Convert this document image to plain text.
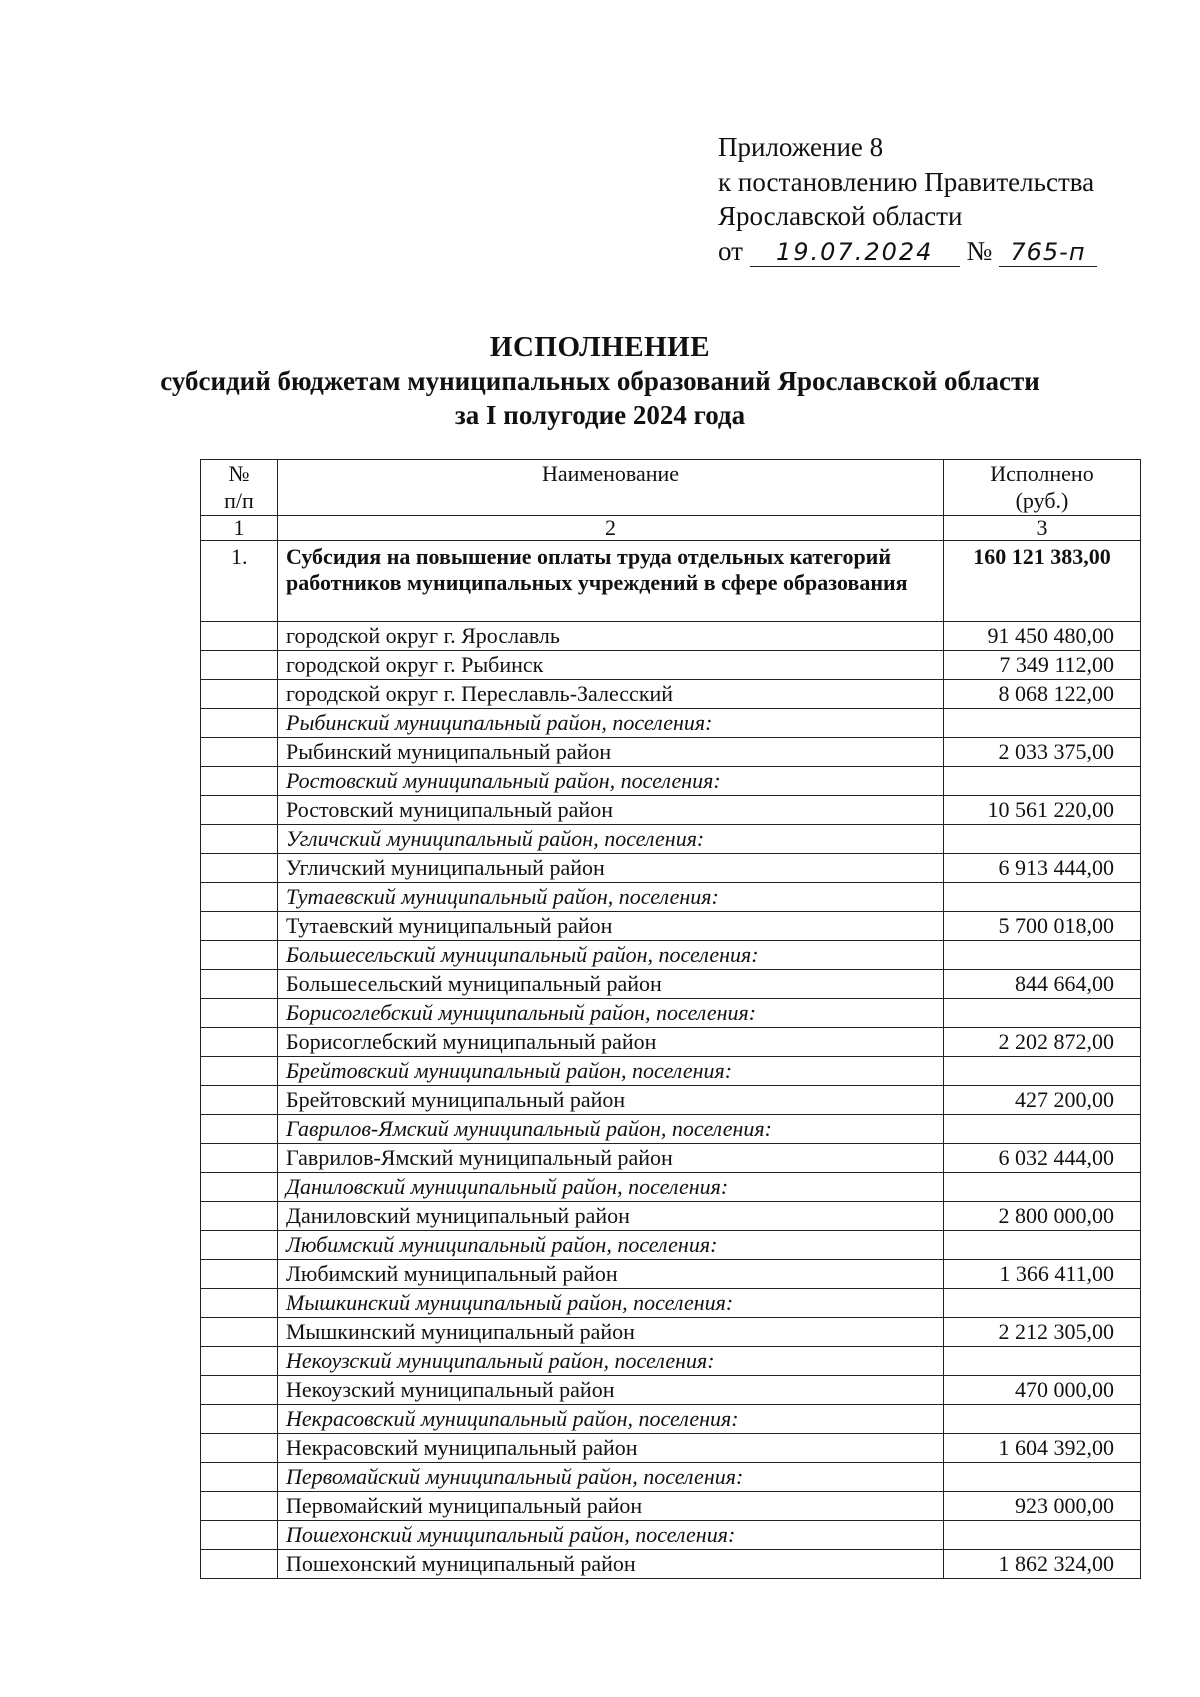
Приложение 8
к постановлению Правительства
Ярославской области
от 19.07.2024 № 765-п
ИСПОЛНЕНИЕ
субсидий бюджетам муниципальных образований Ярославской области
за I полугодие 2024 года
№ п/п	Наименование	Исполнено (руб.)

1	2	3
1.	Субсидия на повышение оплаты труда отдельных категорий работников муниципальных учреждений в сфере образования	160 121 383,00
	городской округ г. Ярославль	91 450 480,00
	городской округ г. Рыбинск	7 349 112,00
	городской округ г. Переславль-Залесский	8 068 122,00
	Рыбинский муниципальный район, поселения:	
	Рыбинский муниципальный район	2 033 375,00
	Ростовский муниципальный район, поселения:	
	Ростовский муниципальный район	10 561 220,00
	Угличский муниципальный район, поселения:	
	Угличский муниципальный район	6 913 444,00
	Тутаевский муниципальный район, поселения:	
	Тутаевский муниципальный район	5 700 018,00
	Большесельский муниципальный район, поселения:	
	Большесельский муниципальный район	844 664,00
	Борисоглебский муниципальный район, поселения:	
	Борисоглебский муниципальный район	2 202 872,00
	Брейтовский муниципальный район, поселения:	
	Брейтовский муниципальный район	427 200,00
	Гаврилов-Ямский муниципальный район, поселения:	
	Гаврилов-Ямский муниципальный район	6 032 444,00
	Даниловский муниципальный район, поселения:	
	Даниловский муниципальный район	2 800 000,00
	Любимский муниципальный район, поселения:	
	Любимский муниципальный район	1 366 411,00
	Мышкинский муниципальный район, поселения:	
	Мышкинский муниципальный район	2 212 305,00
	Некоузский муниципальный район, поселения:	
	Некоузский муниципальный район	470 000,00
	Некрасовский муниципальный район, поселения:	
	Некрасовский муниципальный район	1 604 392,00
	Первомайский муниципальный район, поселения:	
	Первомайский муниципальный район	923 000,00
	Пошехонский муниципальный район, поселения:	
	Пошехонский муниципальный район	1 862 324,00
